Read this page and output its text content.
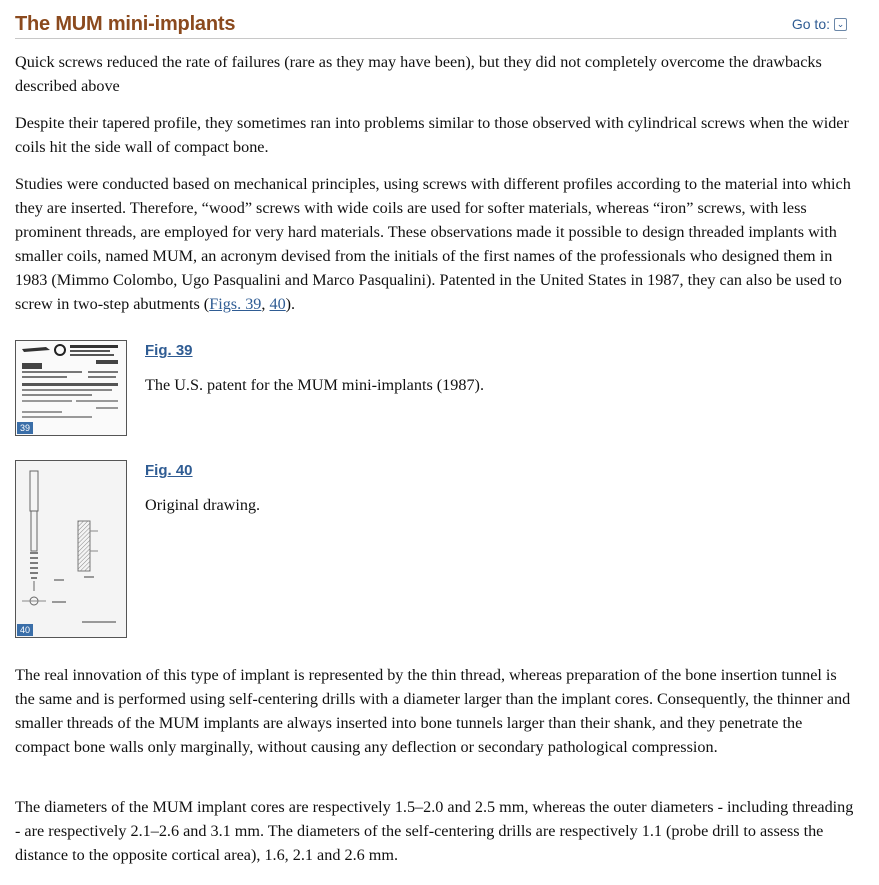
The MUM mini-implants	Go to: ⌄

Quick screws reduced the rate of failures (rare as they may have been), but they did not completely overcome the drawbacks described above

Despite their tapered profile, they sometimes ran into problems similar to those observed with cylindrical screws when the wider coils hit the side wall of compact bone.

Studies were conducted based on mechanical principles, using screws with different profiles according to the material into which they are inserted. Therefore, “wood” screws with wide coils are used for softer materials, whereas “iron” screws, with less prominent threads, are employed for very hard materials. These observations made it possible to design threaded implants with smaller coils, named MUM, an acronym devised from the initials of the first names of the professionals who designed them in 1983 (Mimmo Colombo, Ugo Pasqualini and Marco Pasqualini). Patented in the United States in 1987, they can also be used to screw in two-step abutments (Figs. 39, 40).

39
Fig. 39

The U.S. patent for the MUM mini-implants (1987).

40
Fig. 40

Original drawing.

The real innovation of this type of implant is represented by the thin thread, whereas preparation of the bone insertion tunnel is the same and is performed using self-centering drills with a diameter larger than the implant cores. Consequently, the thinner and smaller threads of the MUM implants are always inserted into bone tunnels larger than their shank, and they penetrate the compact bone walls only marginally, without causing any deflection or secondary pathological compression.

The diameters of the MUM implant cores are respectively 1.5–2.0 and 2.5 mm, whereas the outer diameters - including threading - are respectively 2.1–2.6 and 3.1 mm. The diameters of the self-centering drills are respectively 1.1 (probe drill to assess the distance to the opposite cortical area), 1.6, 2.1 and 2.6 mm.
